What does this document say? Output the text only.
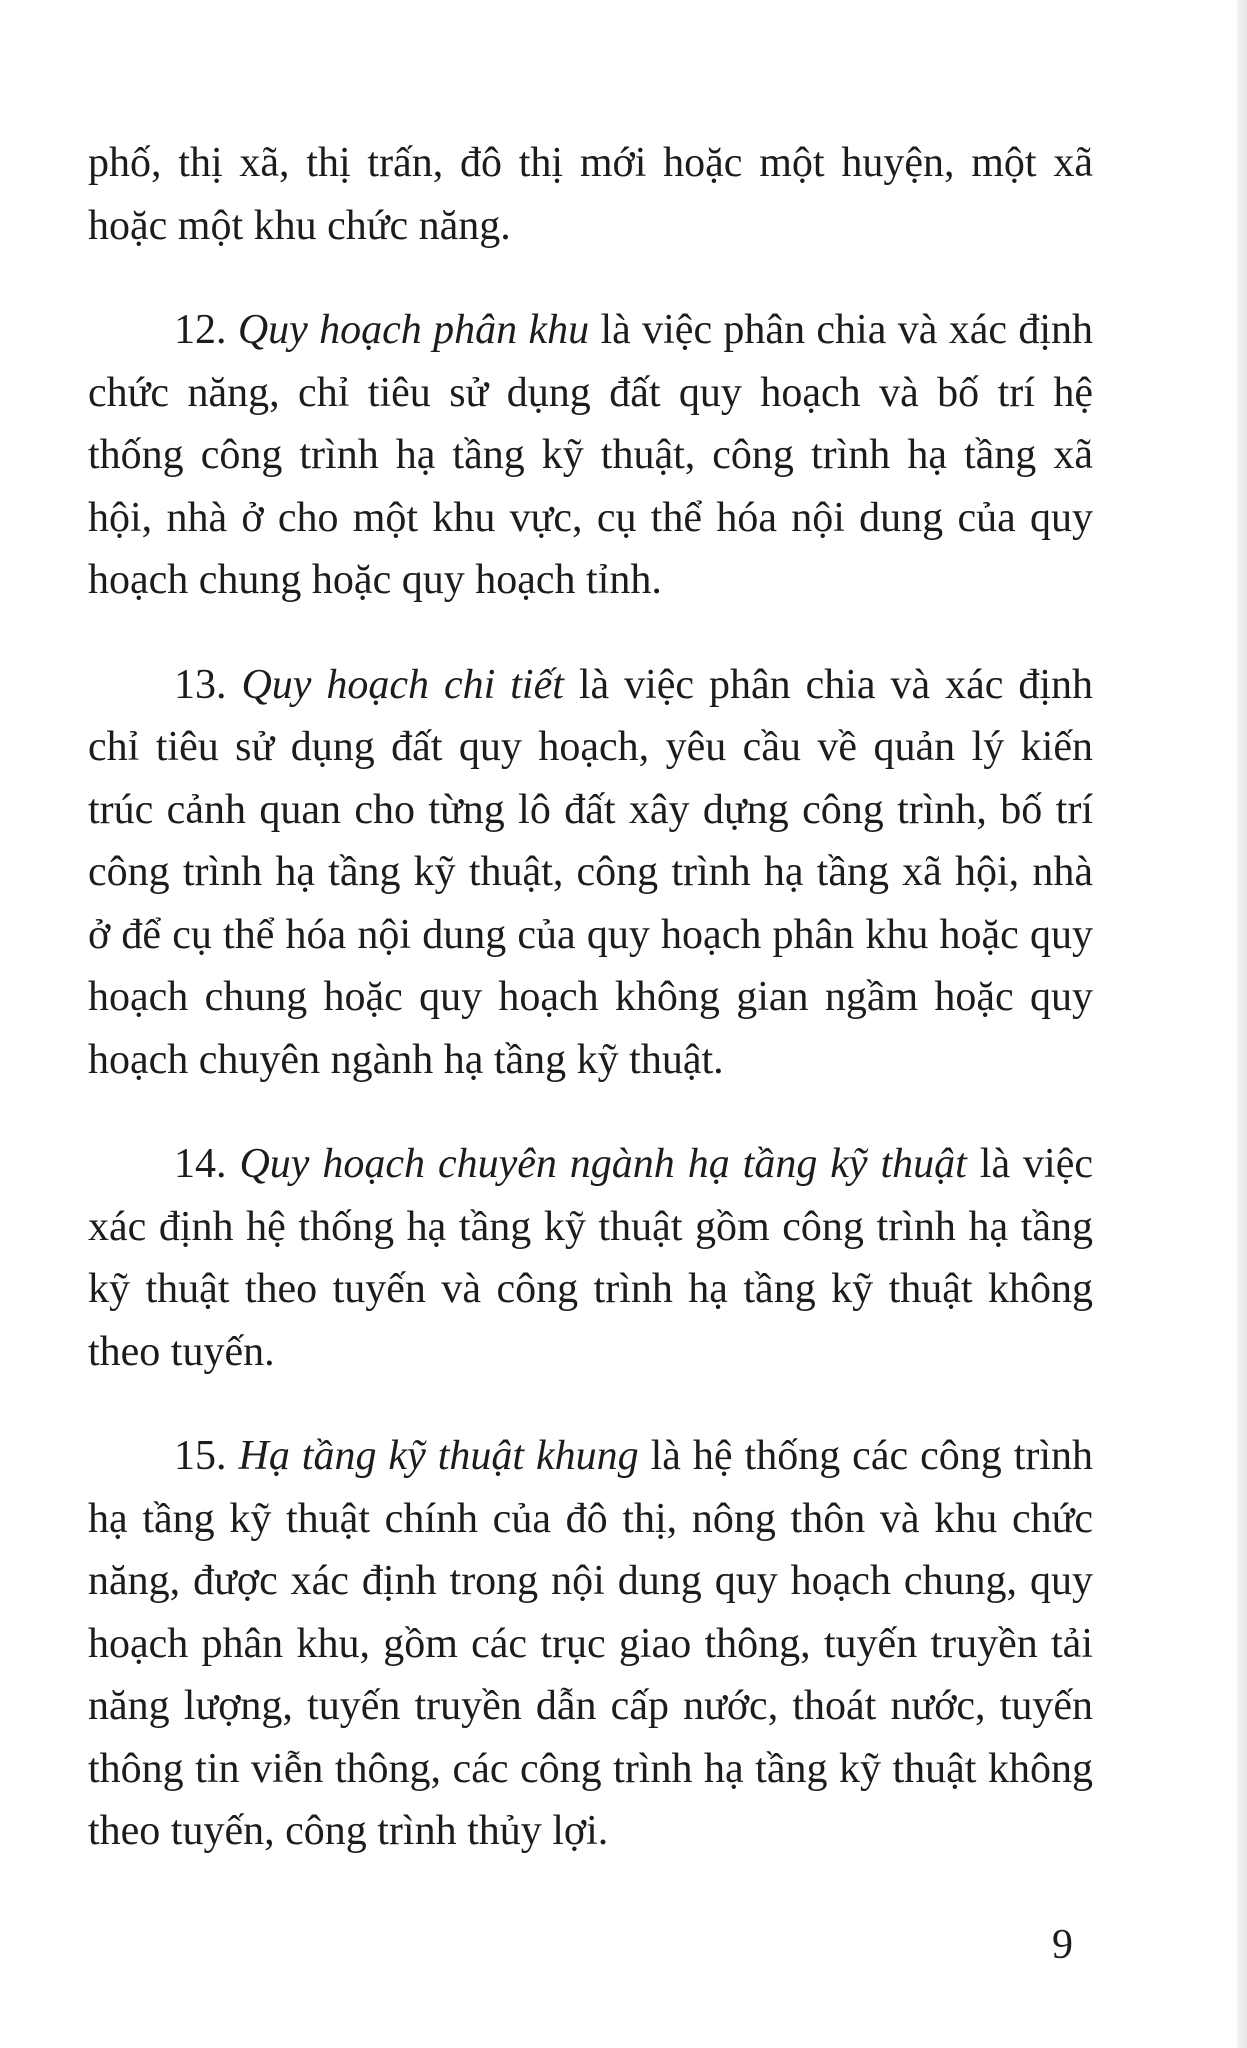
phố, thị xã, thị trấn, đô thị mới hoặc một huyện, một xã hoặc một khu chức năng.

12. Quy hoạch phân khu là việc phân chia và xác định chức năng, chỉ tiêu sử dụng đất quy hoạch và bố trí hệ thống công trình hạ tầng kỹ thuật, công trình hạ tầng xã hội, nhà ở cho một khu vực, cụ thể hóa nội dung của quy hoạch chung hoặc quy hoạch tỉnh.

13. Quy hoạch chi tiết là việc phân chia và xác định chỉ tiêu sử dụng đất quy hoạch, yêu cầu về quản lý kiến trúc cảnh quan cho từng lô đất xây dựng công trình, bố trí công trình hạ tầng kỹ thuật, công trình hạ tầng xã hội, nhà ở để cụ thể hóa nội dung của quy hoạch phân khu hoặc quy hoạch chung hoặc quy hoạch không gian ngầm hoặc quy hoạch chuyên ngành hạ tầng kỹ thuật.

14. Quy hoạch chuyên ngành hạ tầng kỹ thuật là việc xác định hệ thống hạ tầng kỹ thuật gồm công trình hạ tầng kỹ thuật theo tuyến và công trình hạ tầng kỹ thuật không theo tuyến.

15. Hạ tầng kỹ thuật khung là hệ thống các công trình hạ tầng kỹ thuật chính của đô thị, nông thôn và khu chức năng, được xác định trong nội dung quy hoạch chung, quy hoạch phân khu, gồm các trục giao thông, tuyến truyền tải năng lượng, tuyến truyền dẫn cấp nước, thoát nước, tuyến thông tin viễn thông, các công trình hạ tầng kỹ thuật không theo tuyến, công trình thủy lợi.

9
